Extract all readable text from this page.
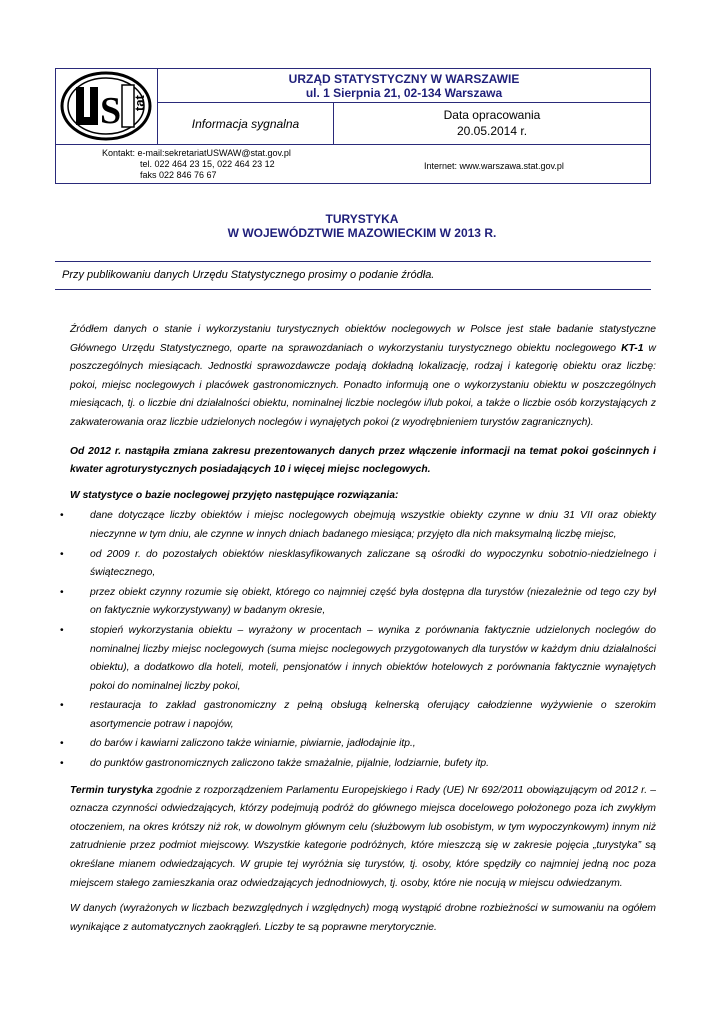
S tat
UStat
URZĄD STATYSTYCZNY W WARSZAWIE
ul. 1 Sierpnia 21, 02-134 Warszawa
Informacja sygnalna
Data opracowania
20.05.2014 r.
Kontakt: e-mail:sekretariatUSWAW@stat.gov.pl
tel. 022 464 23 15, 022 464 23 12
faks 022 846 76 67
Internet: www.warszawa.stat.gov.pl
TURYSTYKA
W WOJEWÓDZTWIE MAZOWIECKIM W 2013 R.
Przy publikowaniu danych Urzędu Statystycznego prosimy o podanie źródła.

Źródłem danych o stanie i wykorzystaniu turystycznych obiektów noclegowych w Polsce jest stałe badanie statystyczne Głównego Urzędu Statystycznego, oparte na sprawozdaniach o wykorzystaniu turystycznego obiektu noclegowego KT-1 w poszczególnych miesiącach. Jednostki sprawozdawcze podają dokładną lokalizację, rodzaj i kategorię obiektu oraz liczbę: pokoi, miejsc noclegowych i placówek gastronomicznych. Ponadto informują one o wykorzystaniu obiektu w poszczególnych miesiącach, tj. o liczbie dni działalności obiektu, nominalnej liczbie noclegów i/lub pokoi, a także o liczbie osób korzystających z zakwaterowania oraz liczbie udzielonych noclegów i wynajętych pokoi (z wyodrębnieniem turystów zagranicznych).

Od 2012 r. nastąpiła zmiana zakresu prezentowanych danych przez włączenie informacji na temat pokoi gościnnych i kwater agroturystycznych posiadających 10 i więcej miejsc noclegowych.

W statystyce o bazie noclegowej przyjęto następujące rozwiązania:

•	dane dotyczące liczby obiektów i miejsc noclegowych obejmują wszystkie obiekty czynne w dniu 31 VII oraz obiekty nieczynne w tym dniu, ale czynne w innych dniach badanego miesiąca; przyjęto dla nich maksymalną liczbę miejsc,
•	od 2009 r. do pozostałych obiektów niesklasyfikowanych zaliczane są ośrodki do wypoczynku sobotnio-niedzielnego i świątecznego,
•	przez obiekt czynny rozumie się obiekt, którego co najmniej część była dostępna dla turystów (niezależnie od tego czy był on faktycznie wykorzystywany) w badanym okresie,
•	stopień wykorzystania obiektu – wyrażony w procentach – wynika z porównania faktycznie udzielonych noclegów do nominalnej liczby miejsc noclegowych (suma miejsc noclegowych przygotowanych dla turystów w każdym dniu działalności obiektu), a dodatkowo dla hoteli, moteli, pensjonatów i innych obiektów hotelowych z porównania faktycznie wynajętych pokoi do nominalnej liczby pokoi,
•	restauracja to zakład gastronomiczny z pełną obsługą kelnerską oferujący całodzienne wyżywienie o szerokim asortymencie potraw i napojów,
•	do barów i kawiarni zaliczono także winiarnie, piwiarnie, jadłodajnie itp.,
•	do punktów gastronomicznych zaliczono także smażalnie, pijalnie, lodziarnie, bufety itp.

Termin turystyka zgodnie z rozporządzeniem Parlamentu Europejskiego i Rady (UE) Nr 692/2011 obowiązującym od 2012 r. – oznacza czynności odwiedzających, którzy podejmują podróż do głównego miejsca docelowego położonego poza ich zwykłym otoczeniem, na okres krótszy niż rok, w dowolnym głównym celu (służbowym lub osobistym, w tym wypoczynkowym) innym niż zatrudnienie przez podmiot miejscowy. Wszystkie kategorie podróżnych, które mieszczą się w zakresie pojęcia „turystyka” są określane mianem odwiedzających. W grupie tej wyróżnia się turystów, tj. osoby, które spędziły co najmniej jedną noc poza miejscem stałego zamieszkania oraz odwiedzających jednodniowych, tj. osoby, które nie nocują w miejscu odwiedzanym.

W danych (wyrażonych w liczbach bezwzględnych i względnych) mogą wystąpić drobne rozbieżności w sumowaniu na ogółem wynikające z automatycznych zaokrągleń. Liczby te są poprawne merytorycznie.
